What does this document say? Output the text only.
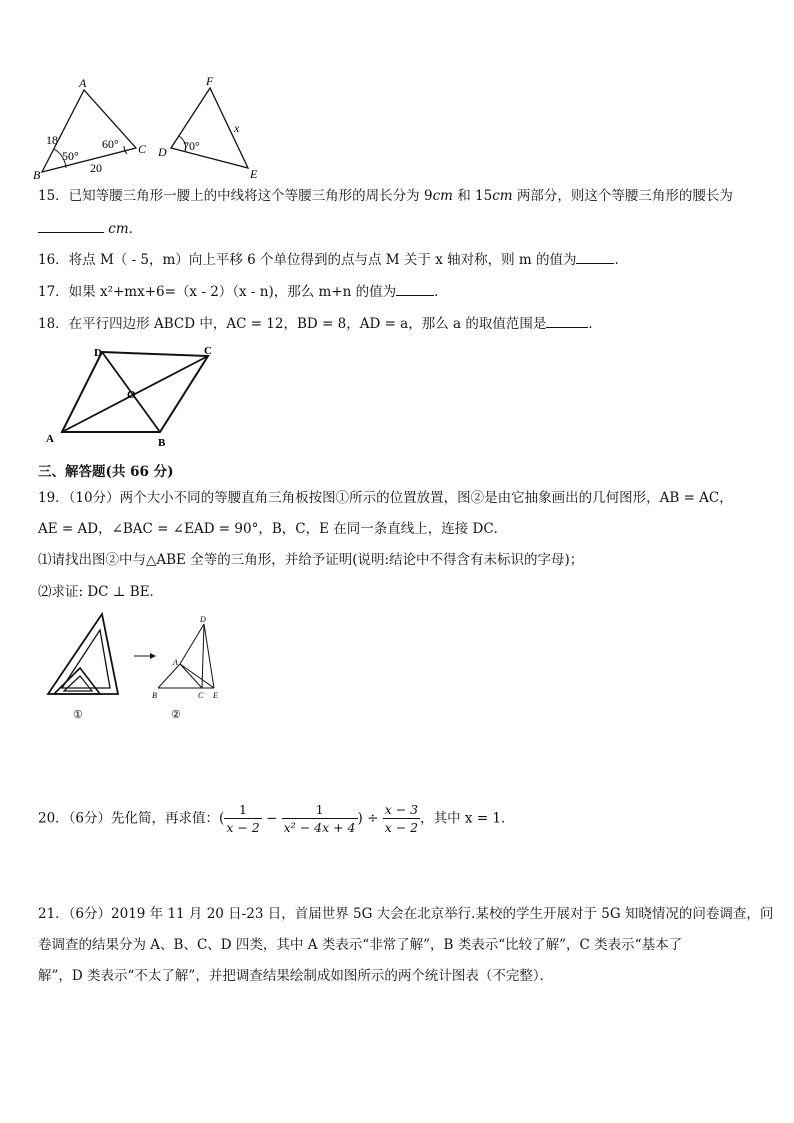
A
B
C
18
20
50°
60°
F
D
E
x
70°
15．已知等腰三角形一腰上的中线将这个等腰三角形的周长分为 9cm 和 15cm 两部分，则这个等腰三角形的腰长为
cm．
16．将点 M（ - 5，m）向上平移 6 个单位得到的点与点 M 关于 x 轴对称，则 m 的值为	．
17．如果 x²+mx+6=（x - 2）（x - n)，那么 m+n 的值为	．
18．在平行四边形 ABCD 中，AC = 12，BD = 8，AD = a，那么 a 的取值范围是	．
A	B
C
D
O
三、解答题(共 66 分)
19．（10分）两个大小不同的等腰直角三角板按图①所示的位置放置，图②是由它抽象画出的几何图形，AB = AC，
AE = AD，∠BAC = ∠EAD = 90°，B，C，E 在同一条直线上，连接 DC．
⑴请找出图②中与△ABE 全等的三角形，并给予证明(说明:结论中不得含有未标识的字母)；
⑵求证: DC ⊥ BE．
①
A
B	C
D
E
②
20．（6分）先化简，再求值：( $\frac{1}{x - 2} - \frac{1}{\text{x² − 4x + 4}}$ ) ÷ $\frac{x - 3}{x - 2}$ ，其中 x = 1．
21．（6分）2019 年 11 月 20 日-23 日，首届世界 5G 大会在北京举行.某校的学生开展对于 5G 知晓情况的问卷调查，问
卷调查的结果分为 A、B、C、D 四类，其中 A 类表示“非常了解”，B 类表示“比较了解”，C 类表示“基本了
解”，D 类表示“不太了解”，并把调查结果绘制成如图所示的两个统计图表（不完整）．
